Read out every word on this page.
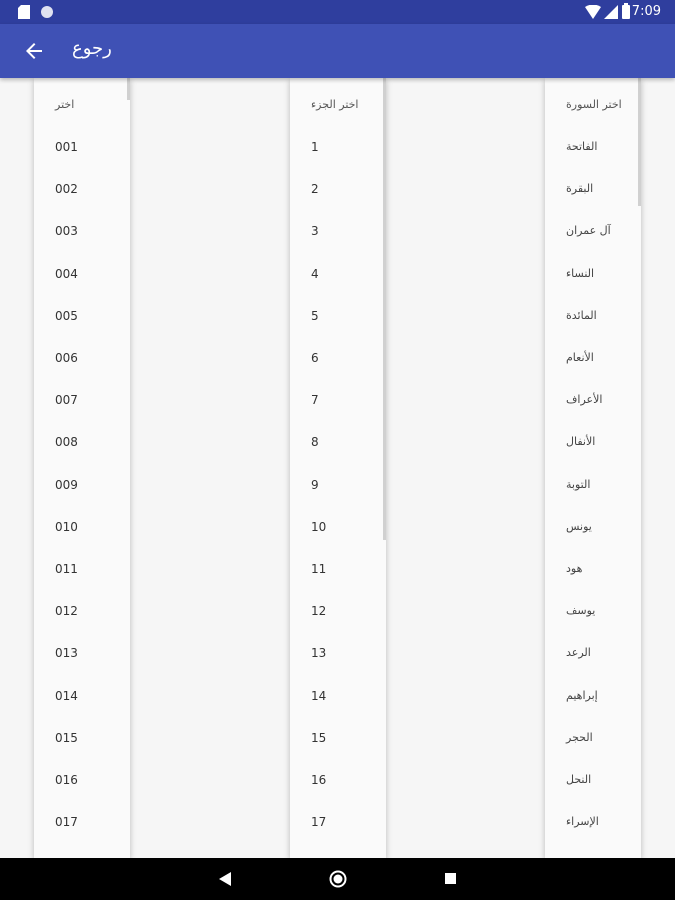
7:09
رجوع
اختر
001
002
003
004
005
006
007
008
009
010
011
012
013
014
015
016
017
اختر الجزء
1
2
3
4
5
6
7
8
9
10
11
12
13
14
15
16
17
اختر السورة
الفاتحة
البقرة
آل عمران
النساء
المائدة
الأنعام
الأعراف
الأنفال
التوبة
يونس
هود
يوسف
الرعد
إبراهيم
الحجر
النحل
الإسراء
